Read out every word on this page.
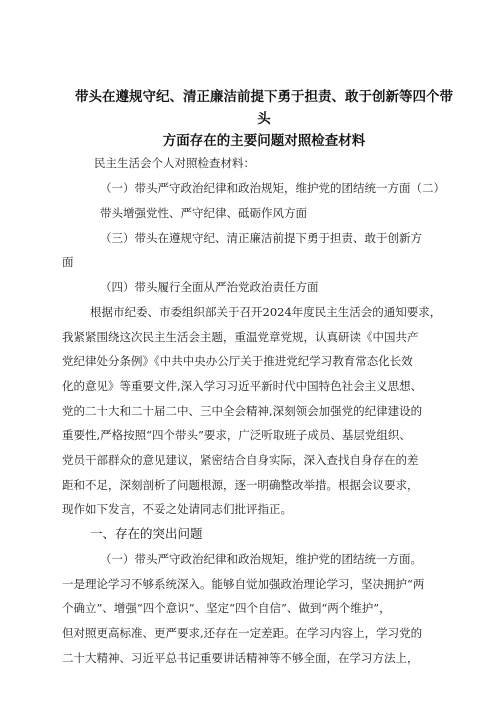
带头在遵规守纪、清正廉洁前提下勇于担责、敢于创新等四个带头
方面存在的主要问题对照检查材料
民主生活会个人对照检查材料：
（一）带头严守政治纪律和政治规矩，维护党的团结统一方面（二）
带头增强党性、严守纪律、砥砺作风方面
（三）带头在遵规守纪、清正廉洁前提下勇于担责、敢于创新方
面
（四）带头履行全面从严治党政治责任方面
根据市纪委、市委组织部关于召开2024年度民主生活会的通知要求，
我紧紧围绕这次民主生活会主题，重温党章党规，认真研读《中国共产
党纪律处分条例》《中共中央办公厅关于推进党纪学习教育常态化长效
化的意见》等重要文件,深入学习习近平新时代中国特色社会主义思想、
党的二十大和二十届二中、三中全会精神,深刻领会加强党的纪律建设的
重要性,严格按照“四个带头”要求，广泛听取班子成员、基层党组织、
党员干部群众的意见建议，紧密结合自身实际，深入查找自身存在的差
距和不足，深刻剖析了问题根源，逐一明确整改举措。根据会议要求，
现作如下发言，不妥之处请同志们批评指正。
一、存在的突出问题
（一）带头严守政治纪律和政治规矩，维护党的团结统一方面。
一是理论学习不够系统深入。能够自觉加强政治理论学习，坚决拥护“两
个确立”、增强“四个意识”、坚定“四个自信”、做到“两个维护”，
但对照更高标准、更严要求,还存在一定差距。在学习内容上，学习党的
二十大精神、习近平总书记重要讲话精神等不够全面，在学习方法上，
